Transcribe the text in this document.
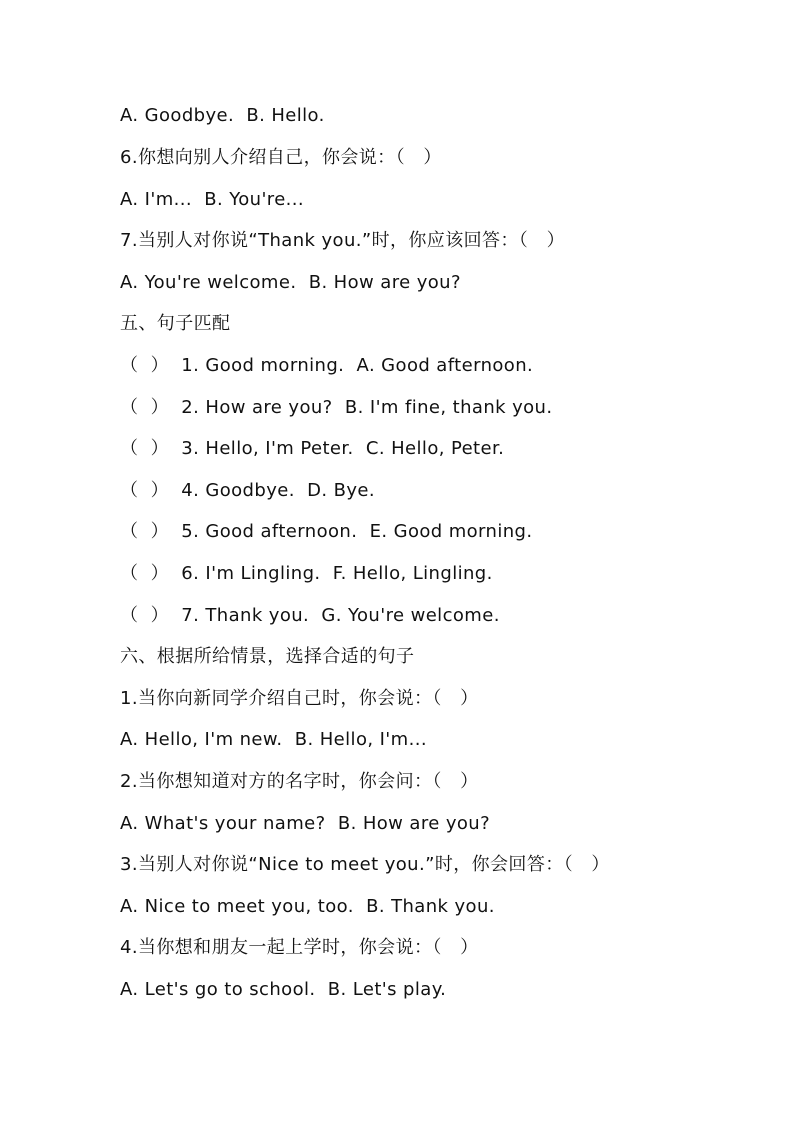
A. Goodbye.  B. Hello.
6.你想向别人介绍自己，你会说：（   ）
A. I'm...  B. You're...
7.当别人对你说“Thank you.”时，你应该回答：（   ）
A. You're welcome.  B. How are you?
五、句子匹配
（  ）  1. Good morning.  A. Good afternoon.
（  ）  2. How are you?  B. I'm fine, thank you.
（  ）  3. Hello, I'm Peter.  C. Hello, Peter.
（  ）  4. Goodbye.  D. Bye.
（  ）  5. Good afternoon.  E. Good morning.
（  ）  6. I'm Lingling.  F. Hello, Lingling.
（  ）  7. Thank you.  G. You're welcome.
六、根据所给情景，选择合适的句子
1.当你向新同学介绍自己时，你会说：（   ）
A. Hello, I'm new.  B. Hello, I'm...
2.当你想知道对方的名字时，你会问：（   ）
A. What's your name?  B. How are you?
3.当别人对你说“Nice to meet you.”时，你会回答：（   ）
A. Nice to meet you, too.  B. Thank you.
4.当你想和朋友一起上学时，你会说：（   ）
A. Let's go to school.  B. Let's play.
